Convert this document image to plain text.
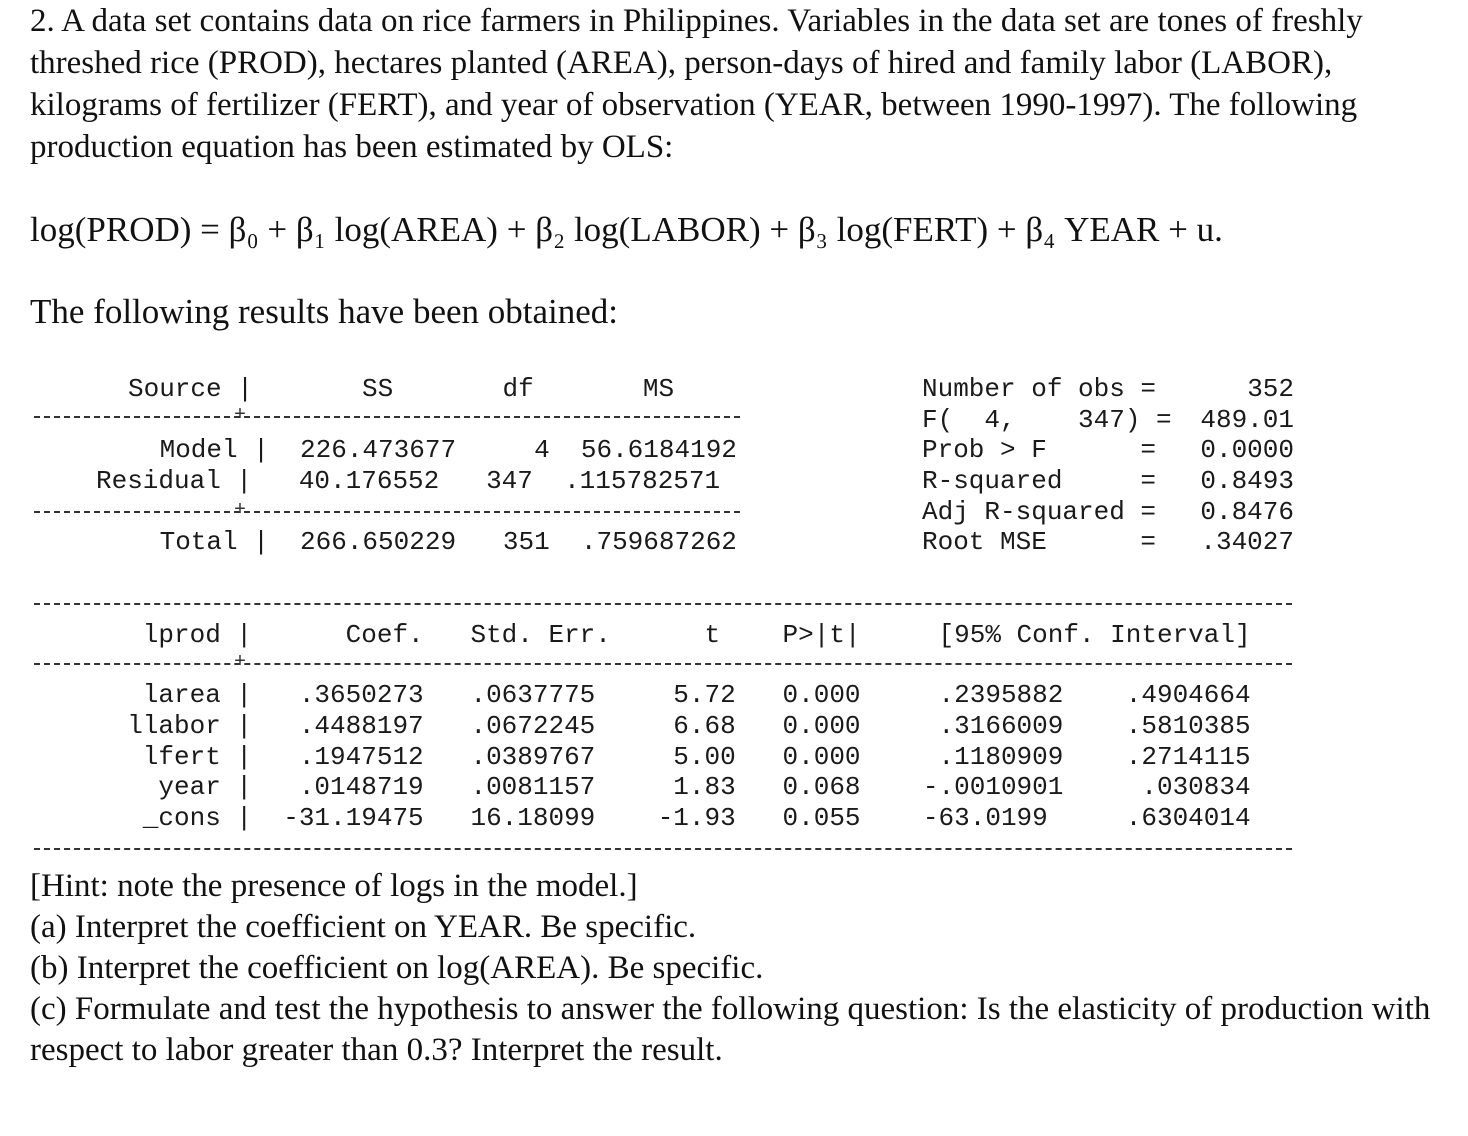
2. A data set contains data on rice farmers in Philippines. Variables in the data set are tones of freshly threshed rice (PROD), hectares planted (AREA), person-days of hired and family labor (LABOR), kilograms of fertilizer (FERT), and year of observation (YEAR, between 1990-1997). The following production equation has been estimated by OLS:
log(PROD) = β₀ + β₁ log(AREA) + β₂ log(LABOR) + β₃ log(FERT) + β₄ YEAR + u.
The following results have been obtained:
Source |       SS       df       MS
+
Model |  226.473677     4  56.6184192
Residual |   40.176552   347  .115782571
+
Total |  266.650229   351  .759687262
Number of obs =	352
F(  4,    347) =	489.01
Prob > F      =	0.0000
R-squared     =	0.8493
Adj R-squared =	0.8476
Root MSE      =	.34027
lprod |      Coef.   Std. Err.      t    P>|t|     [95% Conf. Interval]
+
larea |   .3650273   .0637775     5.72   0.000     .2395882    .4904664
llabor |   .4488197   .0672245     6.68   0.000     .3166009    .5810385
lfert |   .1947512   .0389767     5.00   0.000     .1180909    .2714115
year |   .0148719   .0081157     1.83   0.068    -.0010901     .030834
_cons |  -31.19475   16.18099    -1.93   0.055    -63.0199     .6304014
[Hint: note the presence of logs in the model.]
(a) Interpret the coefficient on YEAR. Be specific.
(b) Interpret the coefficient on log(AREA). Be specific.
(c) Formulate and test the hypothesis to answer the following question: Is the elasticity of production with respect to labor greater than 0.3? Interpret the result.
